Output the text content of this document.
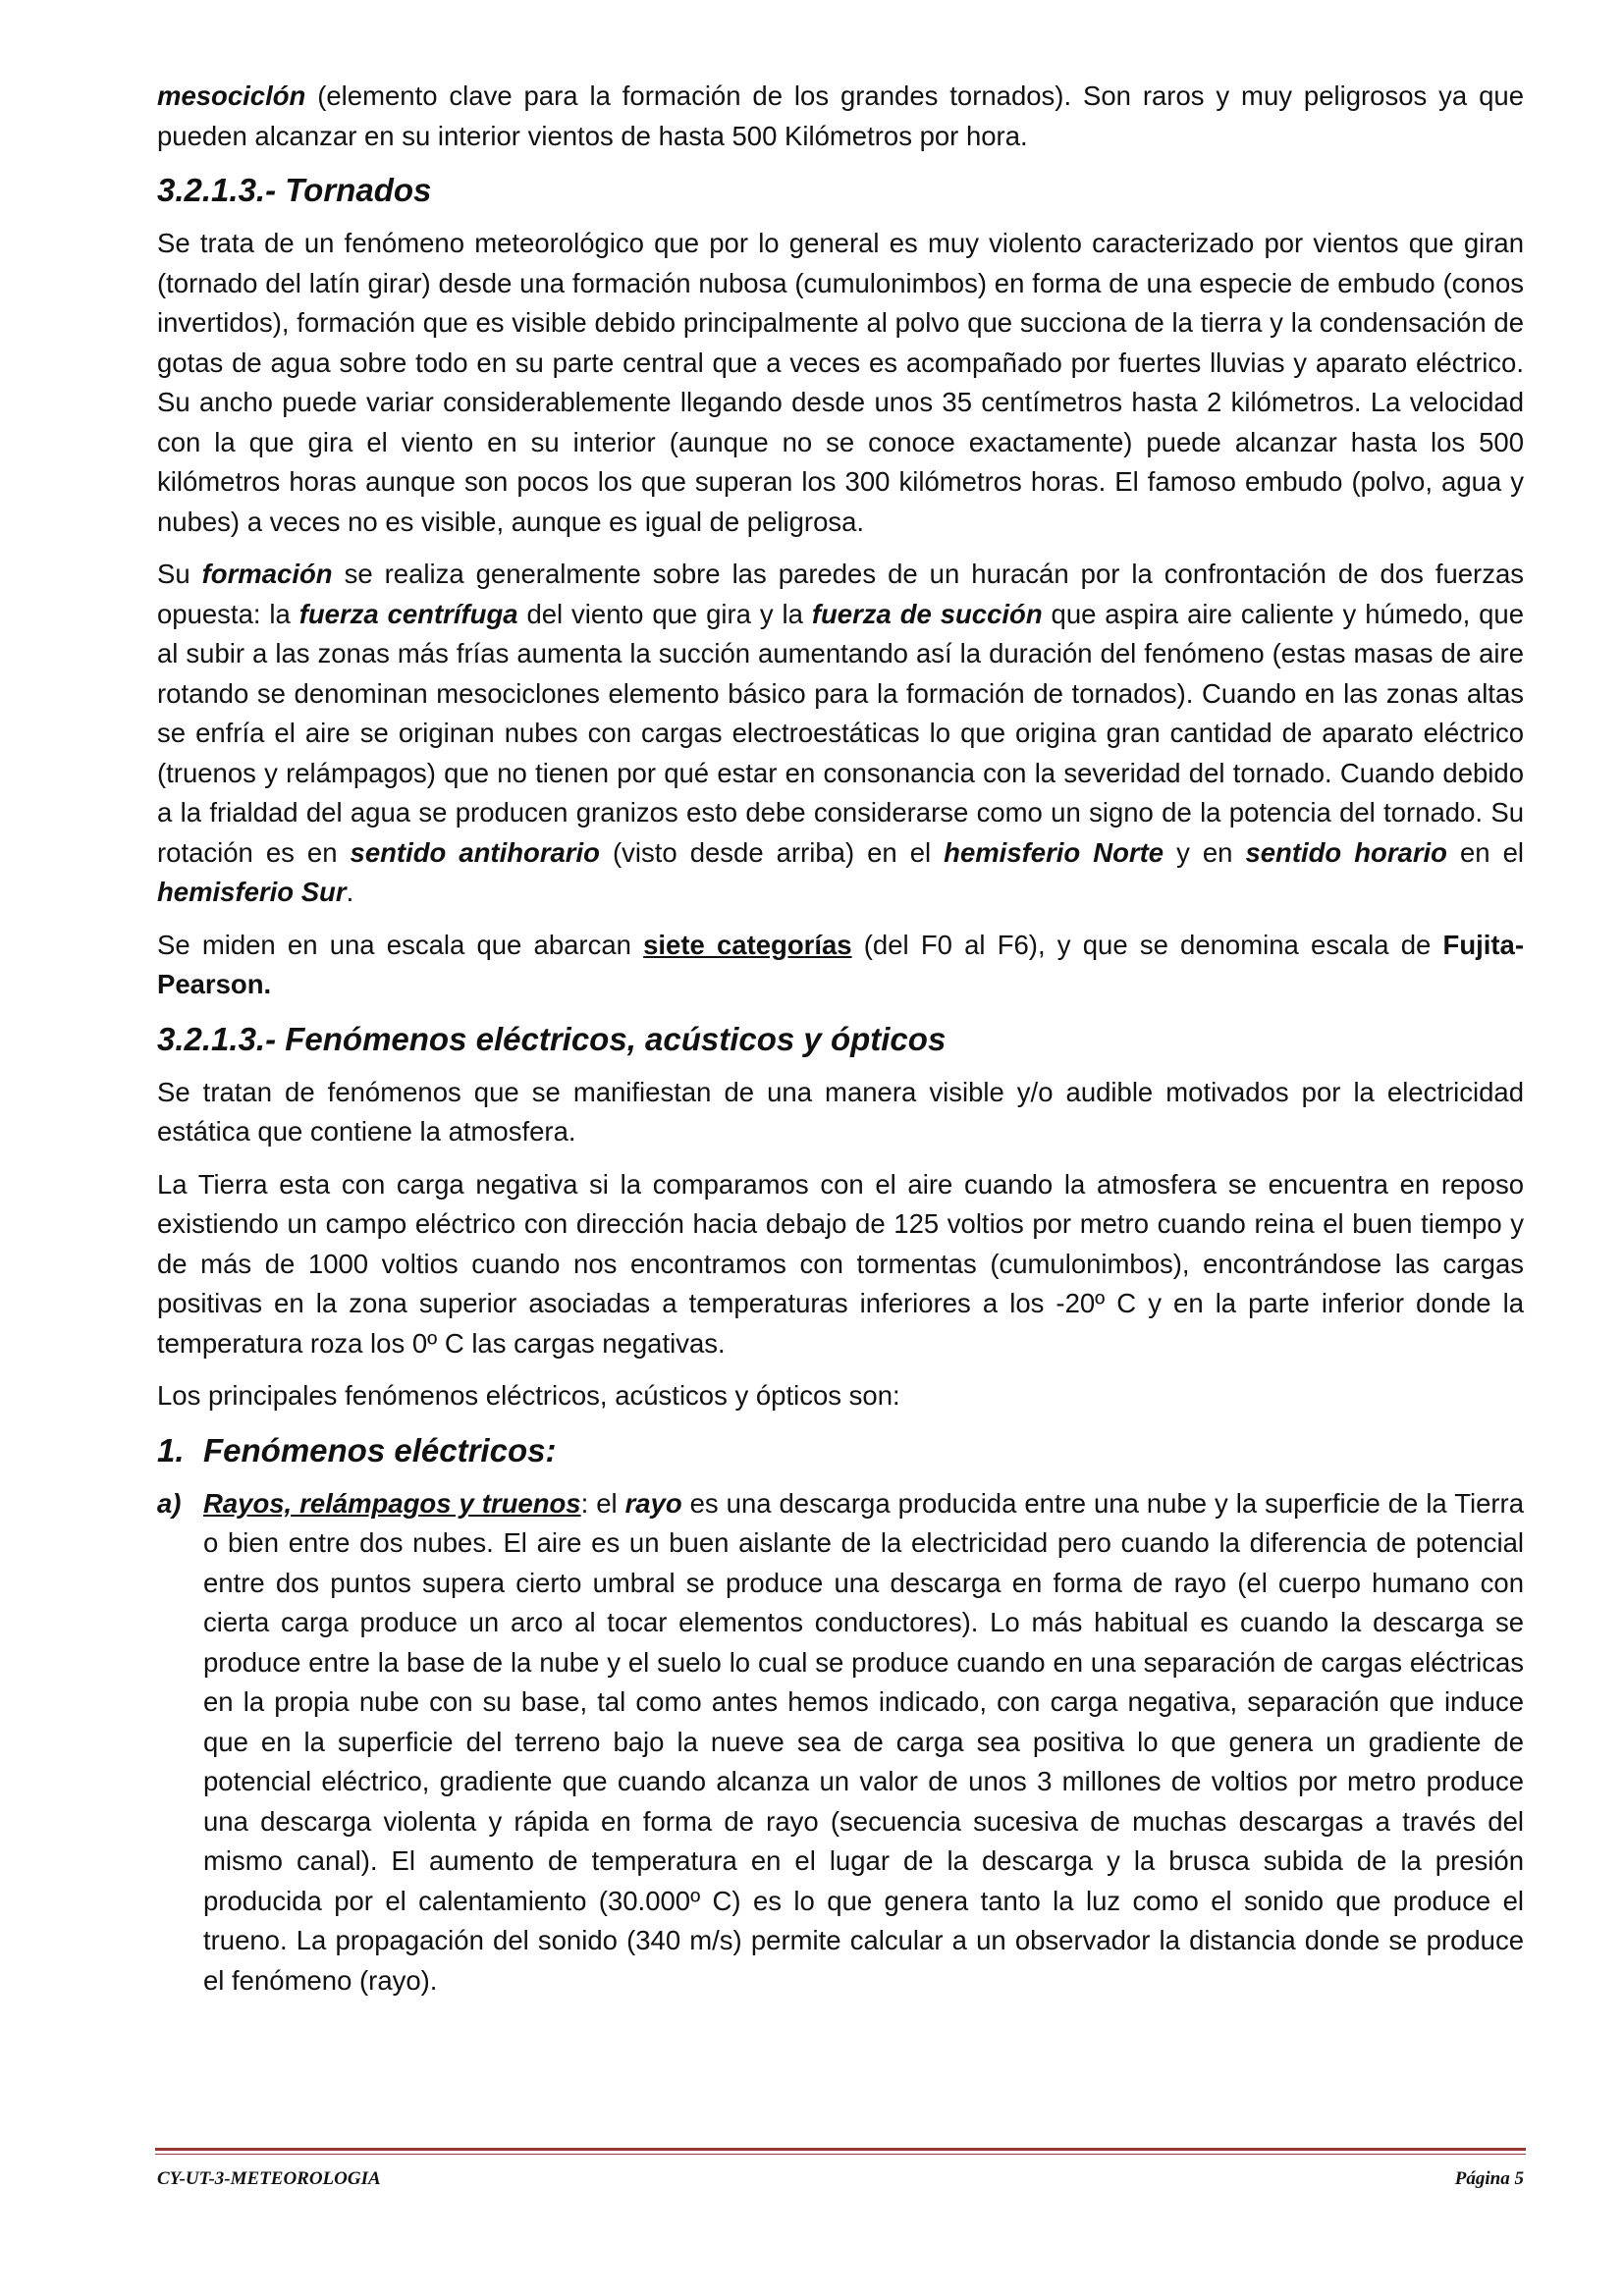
mesociclón (elemento clave para la formación de los grandes tornados). Son raros y muy peligrosos ya que pueden alcanzar en su interior vientos de hasta 500 Kilómetros por hora.

3.2.1.3.- Tornados

Se trata de un fenómeno meteorológico que por lo general es muy violento caracterizado por vientos que giran (tornado del latín girar) desde una formación nubosa (cumulonimbos) en forma de una especie de embudo (conos invertidos), formación que es visible debido principalmente al polvo que succiona de la tierra y la condensación de gotas de agua sobre todo en su parte central que a veces es acompañado por fuertes lluvias y aparato eléctrico. Su ancho puede variar considerablemente llegando desde unos 35 centímetros hasta 2 kilómetros. La velocidad con la que gira el viento en su interior (aunque no se conoce exactamente) puede alcanzar hasta los 500 kilómetros horas aunque son pocos los que superan los 300 kilómetros horas. El famoso embudo (polvo, agua y nubes) a veces no es visible, aunque es igual de peligrosa.

Su formación se realiza generalmente sobre las paredes de un huracán por la confrontación de dos fuerzas opuesta: la fuerza centrífuga del viento que gira y la fuerza de succión que aspira aire caliente y húmedo, que al subir a las zonas más frías aumenta la succión aumentando así la duración del fenómeno (estas masas de aire rotando se denominan mesociclones elemento básico para la formación de tornados). Cuando en las zonas altas se enfría el aire se originan nubes con cargas electroestáticas lo que origina gran cantidad de aparato eléctrico (truenos y relámpagos) que no tienen por qué estar en consonancia con la severidad del tornado. Cuando debido a la frialdad del agua se producen granizos esto debe considerarse como un signo de la potencia del tornado. Su rotación es en sentido antihorario (visto desde arriba) en el hemisferio Norte y en sentido horario en el hemisferio Sur.

Se miden en una escala que abarcan siete categorías (del F0 al F6), y que se denomina escala de Fujita-Pearson.

3.2.1.3.- Fenómenos eléctricos, acústicos y ópticos

Se tratan de fenómenos que se manifiestan de una manera visible y/o audible motivados por la electricidad estática que contiene la atmosfera.

La Tierra esta con carga negativa si la comparamos con el aire cuando la atmosfera se encuentra en reposo existiendo un campo eléctrico con dirección hacia debajo de 125 voltios por metro cuando reina el buen tiempo y de más de 1000 voltios cuando nos encontramos con tormentas (cumulonimbos), encontrándose las cargas positivas en la zona superior asociadas a temperaturas inferiores a los -20º C y en la parte inferior donde la temperatura roza los 0º C las cargas negativas.

Los principales fenómenos eléctricos, acústicos y ópticos son:

1. Fenómenos eléctricos:
a) Rayos, relámpagos y truenos: el rayo es una descarga producida entre una nube y la superficie de la Tierra o bien entre dos nubes. El aire es un buen aislante de la electricidad pero cuando la diferencia de potencial entre dos puntos supera cierto umbral se produce una descarga en forma de rayo (el cuerpo humano con cierta carga produce un arco al tocar elementos conductores). Lo más habitual es cuando la descarga se produce entre la base de la nube y el suelo lo cual se produce cuando en una separación de cargas eléctricas en la propia nube con su base, tal como antes hemos indicado, con carga negativa, separación que induce que en la superficie del terreno bajo la nueve sea de carga sea positiva lo que genera un gradiente de potencial eléctrico, gradiente que cuando alcanza un valor de unos 3 millones de voltios por metro produce una descarga violenta y rápida en forma de rayo (secuencia sucesiva de muchas descargas a través del mismo canal). El aumento de temperatura en el lugar de la descarga y la brusca subida de la presión producida por el calentamiento (30.000º C) es lo que genera tanto la luz como el sonido que produce el trueno. La propagación del sonido (340 m/s) permite calcular a un observador la distancia donde se produce el fenómeno (rayo).
CY-UT-3-METEOROLOGIA	Página 5
